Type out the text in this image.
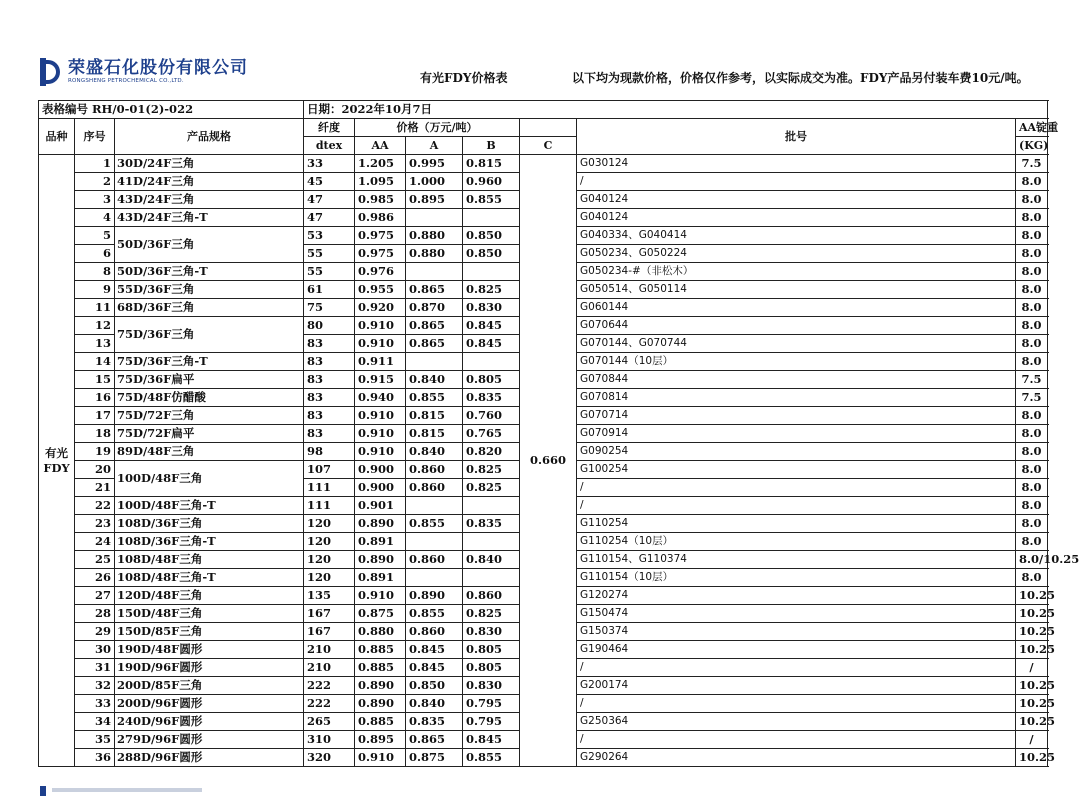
荣盛石化股份有限公司
RONGSHENG PETROCHEMICAL CO.,LTD.	有光FDY价格表	以下均为现款价格，价格仅作参考，以实际成交为准。FDY产品另付装车费10元/吨。
表格编号 RH/0-01(2)-022			日期：2022年10月7日						
品种	序号	产品规格	纤度	价格（万元/吨）				批号	AA锭重
			dtex	AA	A	B	C		(KG)
有光
FDY	1	30D/24F三角	33	1.205	0.995	0.815	0.660	G030124	7.5
	2	41D/24F三角	45	1.095	1.000	0.960		/	8.0
	3	43D/24F三角	47	0.985	0.895	0.855		G040124	8.0
	4	43D/24F三角-T	47	0.986				G040124	8.0
	5	50D/36F三角	53	0.975	0.880	0.850		G040334、G040414	8.0
	6		55	0.975	0.880	0.850		G050234、G050224	8.0
	8	50D/36F三角-T	55	0.976				G050234-#（非松木）	8.0
	9	55D/36F三角	61	0.955	0.865	0.825		G050514、G050114	8.0
	11	68D/36F三角	75	0.920	0.870	0.830		G060144	8.0
	12	75D/36F三角	80	0.910	0.865	0.845		G070644	8.0
	13		83	0.910	0.865	0.845		G070144、G070744	8.0
	14	75D/36F三角-T	83	0.911				G070144（10层）	8.0
	15	75D/36F扁平	83	0.915	0.840	0.805		G070844	7.5
	16	75D/48F仿醋酸	83	0.940	0.855	0.835		G070814	7.5
	17	75D/72F三角	83	0.910	0.815	0.760		G070714	8.0
	18	75D/72F扁平	83	0.910	0.815	0.765		G070914	8.0
	19	89D/48F三角	98	0.910	0.840	0.820		G090254	8.0
	20	100D/48F三角	107	0.900	0.860	0.825		G100254	8.0
	21		111	0.900	0.860	0.825		/	8.0
	22	100D/48F三角-T	111	0.901				/	8.0
	23	108D/36F三角	120	0.890	0.855	0.835		G110254	8.0
	24	108D/36F三角-T	120	0.891				G110254（10层）	8.0
	25	108D/48F三角	120	0.890	0.860	0.840		G110154、G110374	8.0/10.25
	26	108D/48F三角-T	120	0.891				G110154（10层）	8.0
	27	120D/48F三角	135	0.910	0.890	0.860		G120274	10.25
	28	150D/48F三角	167	0.875	0.855	0.825		G150474	10.25
	29	150D/85F三角	167	0.880	0.860	0.830		G150374	10.25
	30	190D/48F圆形	210	0.885	0.845	0.805		G190464	10.25
	31	190D/96F圆形	210	0.885	0.845	0.805		/	/
	32	200D/85F三角	222	0.890	0.850	0.830		G200174	10.25
	33	200D/96F圆形	222	0.890	0.840	0.795		/	10.25
	34	240D/96F圆形	265	0.885	0.835	0.795		G250364	10.25
	35	279D/96F圆形	310	0.895	0.865	0.845		/	/
	36	288D/96F圆形	320	0.910	0.875	0.855		G290264	10.25
